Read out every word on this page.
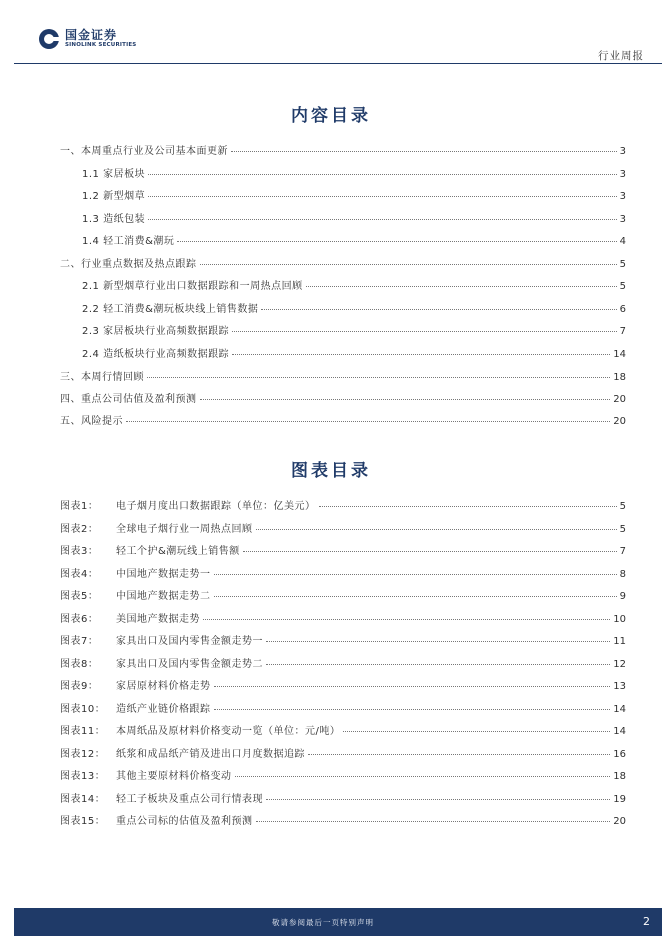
国金证券
SINOLINK SECURITIES
行业周报
内容目录
一、本周重点行业及公司基本面更新	3
1.1 家居板块	3
1.2 新型烟草	3
1.3 造纸包装	3
1.4 轻工消费&潮玩	4
二、行业重点数据及热点跟踪	5
2.1 新型烟草行业出口数据跟踪和一周热点回顾	5
2.2 轻工消费&潮玩板块线上销售数据	6
2.3 家居板块行业高频数据跟踪	7
2.4 造纸板块行业高频数据跟踪	14
三、本周行情回顾	18
四、重点公司估值及盈利预测	20
五、风险提示	20
图表目录
图表1： 电子烟月度出口数据跟踪（单位：亿美元）	5
图表2： 全球电子烟行业一周热点回顾	5
图表3： 轻工个护&潮玩线上销售额	7
图表4： 中国地产数据走势一	8
图表5： 中国地产数据走势二	9
图表6： 美国地产数据走势	10
图表7： 家具出口及国内零售金额走势一	11
图表8： 家具出口及国内零售金额走势二	12
图表9： 家居原材料价格走势	13
图表10： 造纸产业链价格跟踪	14
图表11： 本周纸品及原材料价格变动一览（单位：元/吨）	14
图表12： 纸浆和成品纸产销及进出口月度数据追踪	16
图表13： 其他主要原材料价格变动	18
图表14： 轻工子板块及重点公司行情表现	19
图表15： 重点公司标的估值及盈利预测	20
敬请参阅最后一页特别声明	2
